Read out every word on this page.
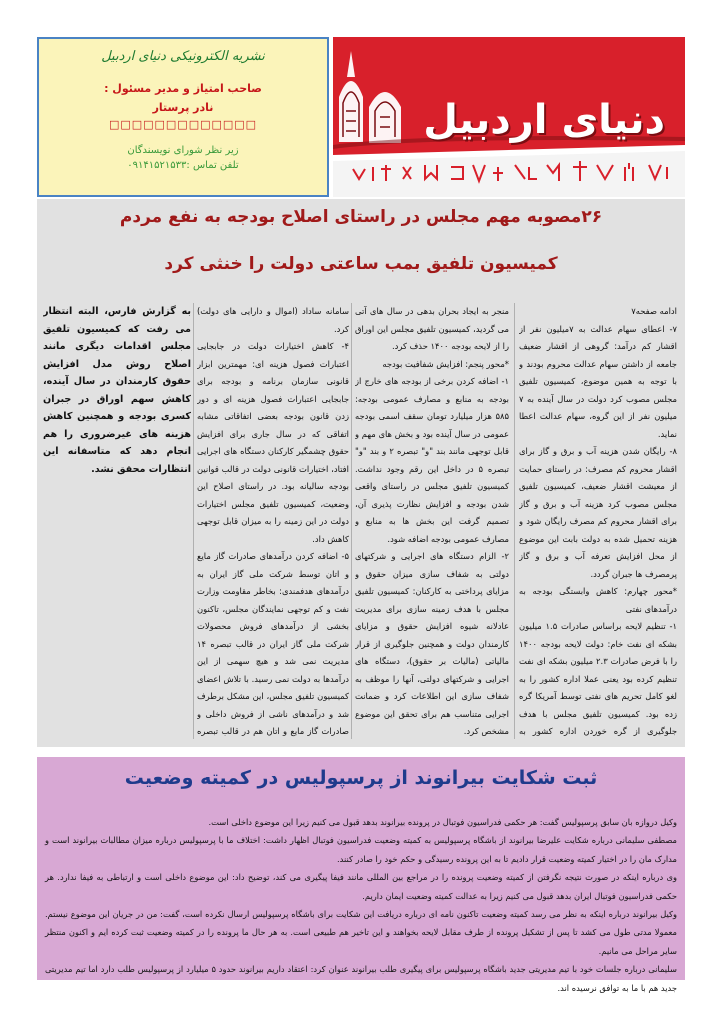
نشریه الکترونیکی دنیای اردبیل
صاحب امتیاز و مدیر مسئول :
نادر پرستار
□□□□□□□□□□□□□
زیر نظر شورای نویسندگان
تلفن تماس :۰۹۱۴۱۵۲۱۵۳۳
دنیای اردبیل
۲۶مصوبه مهم مجلس در راستای اصلاح بودجه به نفع مردم
کمیسیون تلفیق بمب ساعتی دولت را خنثی کرد

ادامه صفحه۷

۷- اعطای سهام عدالت به ۷میلیون نفر از اقشار کم درآمد: گروهی از اقشار ضعیف جامعه از داشتن سهام عدالت محروم بودند و با توجه به همین موضوع، کمیسیون تلفیق مجلس مصوب کرد دولت در سال آینده به ۷ میلیون نفر از این گروه، سهام عدالت اعطا نماید.

۸- رایگان شدن هزینه آب و برق و گاز برای اقشار محروم کم مصرف: در راستای حمایت از معیشت اقشار ضعیف، کمیسیون تلفیق مجلس مصوب کرد هزینه آب و برق و گاز برای اقشار محروم کم مصرف رایگان شود و هزینه تحمیل شده به دولت بابت این موضوع از محل افزایش تعرفه آب و برق و گاز پرمصرف ها جبران گردد.

*محور چهارم: کاهش وابستگی بودجه به درآمدهای نفتی

۱- تنظیم لایحه براساس صادرات ۱.۵ میلیون بشکه ای نفت خام: دولت لایحه بودجه ۱۴۰۰ را با فرض صادرات ۲.۳ میلیون بشکه ای نفت تنظیم کرده بود یعنی عملا اداره کشور را به لغو کامل تحریم های نفتی توسط آمریکا گره زده بود. کمیسیون تلفیق مجلس با هدف جلوگیری از گره خوردن اداره کشور به

منجر به ایجاد بحران بدهی در سال های آتی می گردید، کمیسیون تلفیق مجلس این اوراق را از لایحه بودجه ۱۴۰۰ حذف کرد.

*محور پنجم: افزایش شفافیت بودجه

۱- اضافه کردن برخی از بودجه های خارج از بودجه به منابع و مصارف عمومی بودجه: ۵۸۵ هزار میلیارد تومان سقف اسمی بودجه عمومی در سال آینده بود و بخش های مهم و قابل توجهی مانند بند "و" تبصره ۲ و بند "و" تبصره ۵ در داخل این رقم وجود نداشت. کمیسیون تلفیق مجلس در راستای واقعی شدن بودجه و افزایش نظارت پذیری آن، تصمیم گرفت این بخش ها به منابع و مصارف عمومی بودجه اضافه شود.

۲- الزام دستگاه های اجرایی و شرکتهای دولتی به شفاف سازی میزان حقوق و مزایای پرداختی به کارکنان: کمیسیون تلفیق مجلس با هدف زمینه سازی برای مدیریت عادلانه شیوه افزایش حقوق و مزایای کارمندان دولت و همچنین جلوگیری از قرار مالیاتی (مالیات بر حقوق)، دستگاه های اجرایی و شرکتهای دولتی، آنها را موظف به شفاف سازی این اطلاعات کرد و ضمانت اجرایی متناسب هم برای تحقق این موضوع مشخص کرد.

سامانه ساداد (اموال و دارایی های دولت) کرد.

۴- کاهش اختیارات دولت در جابجایی اعتبارات فصول هزینه ای: مهمترین ابزار قانونی سازمان برنامه و بودجه برای جابجایی اعتبارات فصول هزینه ای و دور زدن قانون بودجه بعضی اتفاقاتی مشابه اتفاقی که در سال جاری برای افزایش حقوق چشمگیر کارکنان دستگاه های اجرایی افتاد، اختیارات قانونی دولت در قالب قوانین بودجه سالیانه بود. در راستای اصلاح این وضعیت، کمیسیون تلفیق مجلس اختیارات دولت در این زمینه را به میزان قابل توجهی کاهش داد.

۵- اضافه کردن درآمدهای صادرات گاز مایع و اتان توسط شرکت ملی گاز ایران به درآمدهای هدفمندی: بخاطر مقاومت وزارت نفت و کم توجهی نمایندگان مجلس، تاکنون بخشی از درآمدهای فروش محصولات شرکت ملی گاز ایران در قالب تبصره ۱۴ مدیریت نمی شد و هیچ سهمی از این درآمدها به دولت نمی رسید. با تلاش اعضای کمیسیون تلفیق مجلس، این مشکل برطرف شد و درآمدهای ناشی از فروش داخلی و صادرات گاز مایع و اتان هم در قالب تبصره

به گزارش فارس، البته انتظار می رفت که کمیسیون تلفیق مجلس اقدامات دیگری مانند اصلاح روش مدل افزایش حقوق کارمندان در سال آینده، کاهش سهم اوراق در جبران کسری بودجه و همچنین کاهش هزینه های غیرضروری را هم انجام دهد که متاسفانه این انتظارات محقق نشد.

ثبت شکایت بیرانوند از پرسپولیس در کمیته وضعیت

وکیل دروازه بان سابق پرسپولیس گفت: هر حکمی فدراسیون فوتبال در پرونده بیرانوند بدهد قبول می کنیم زیرا این موضوع داخلی است.

مصطفی سلیمانی درباره شکایت علیرضا بیرانوند از باشگاه پرسپولیس به کمیته وضعیت فدراسیون فوتبال اظهار داشت: اختلاف ما با پرسپولیس درباره میزان مطالبات بیرانوند است و مدارک مان را در اختیار کمیته وضعیت قرار دادیم تا به این پرونده رسیدگی و حکم خود را صادر کنند.

وی درباره اینکه در صورت نتیجه نگرفتن از کمیته وضعیت پرونده را در مراجع بین المللی مانند فیفا پیگیری می کند، توضیح داد: این موضوع داخلی است و ارتباطی به فیفا ندارد. هر حکمی فدراسیون فوتبال ایران بدهد قبول می کنیم زیرا به عدالت کمیته وضعیت ایمان داریم.

وکیل بیرانوند درباره اینکه به نظر می رسد کمیته وضعیت تاکنون نامه ای درباره دریافت این شکایت برای باشگاه پرسپولیس ارسال نکرده است، گفت: من در جریان این موضوع نیستم. معمولا مدتی طول می کشد تا پس از تشکیل پرونده از طرف مقابل لایحه بخواهند و این تاخیر هم طبیعی است. به هر حال ما پرونده را در کمیته وضعیت ثبت کرده ایم و اکنون منتظر سایر مراحل می مانیم.

سلیمانی درباره جلسات خود با تیم مدیریتی جدید باشگاه پرسپولیس برای پیگیری طلب بیرانوند عنوان کرد: اعتقاد داریم بیرانوند حدود ۵ میلیارد از پرسپولیس طلب دارد اما تیم مدیریتی جدید هم با ما به توافق نرسیده اند.
